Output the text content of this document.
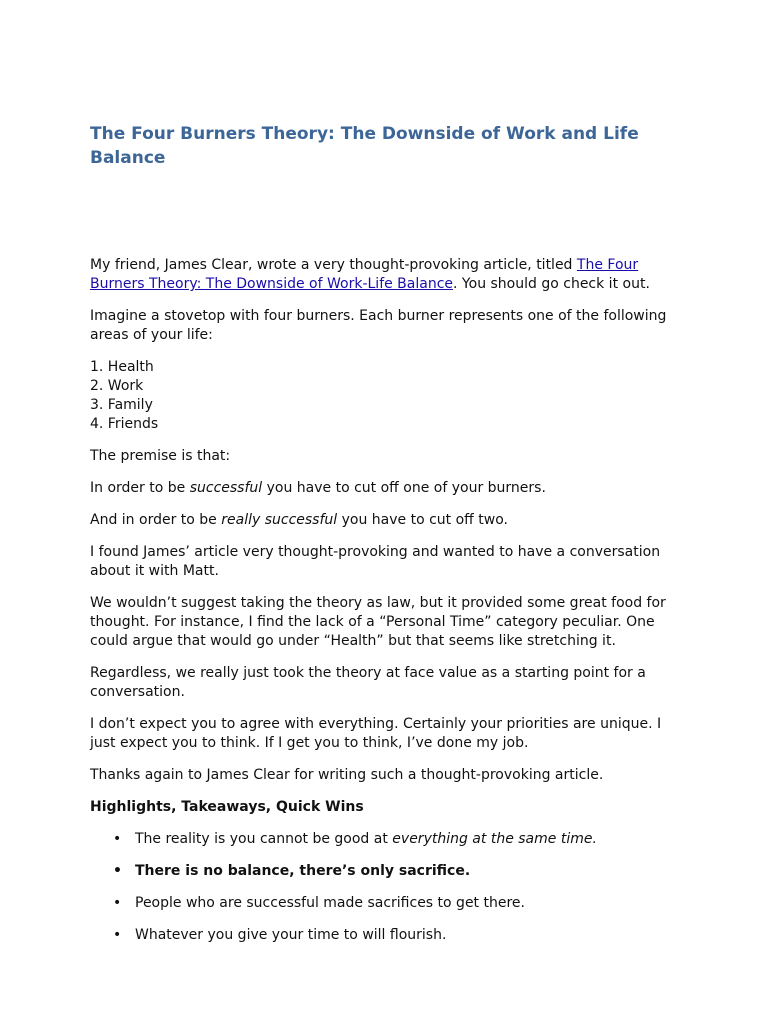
The Four Burners Theory: The Downside of Work and Life Balance

My friend, James Clear, wrote a very thought-provoking article, titled The Four Burners Theory: The Downside of Work-Life Balance. You should go check it out.

Imagine a stovetop with four burners. Each burner represents one of the following areas of your life:

1. Health
2. Work
3. Family
4. Friends

The premise is that:

In order to be successful you have to cut off one of your burners.

And in order to be really successful you have to cut off two.

I found James’ article very thought-provoking and wanted to have a conversation about it with Matt.

We wouldn’t suggest taking the theory as law, but it provided some great food for thought. For instance, I find the lack of a “Personal Time” category peculiar. One could argue that would go under “Health” but that seems like stretching it.

Regardless, we really just took the theory at face value as a starting point for a conversation.

I don’t expect you to agree with everything. Certainly your priorities are unique. I just expect you to think. If I get you to think, I’ve done my job.

Thanks again to James Clear for writing such a thought-provoking article.

Highlights, Takeaways, Quick Wins
• The reality is you cannot be good at everything at the same time.
• There is no balance, there’s only sacrifice.
• People who are successful made sacrifices to get there.
• Whatever you give your time to will flourish.
